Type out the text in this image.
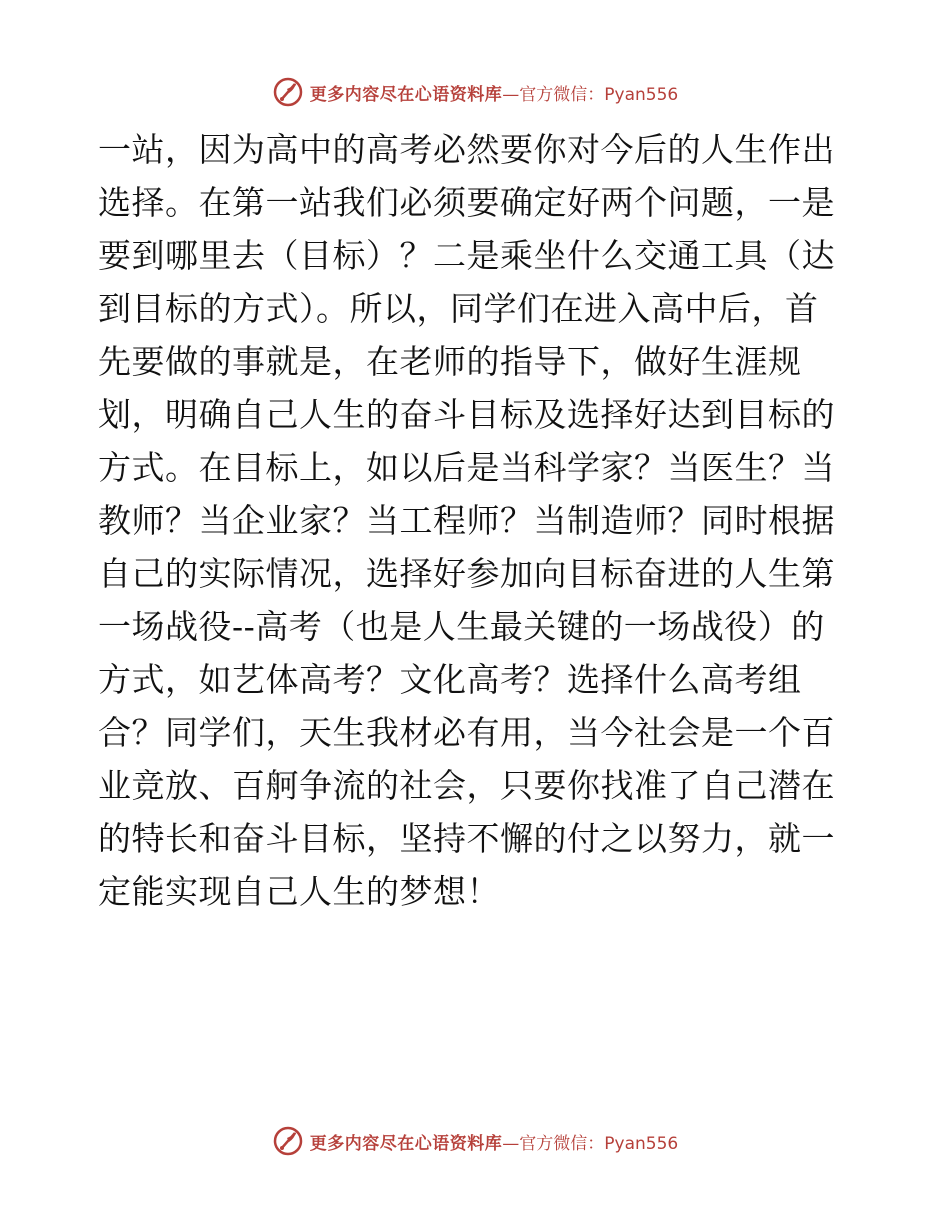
更多内容尽在心语资料库 —官方微信：Pyan556
一站，因为高中的高考必然要你对今后的人生作出
选择。在第一站我们必须要确定好两个问题，一是
要到哪里去（目标）？二是乘坐什么交通工具（达
到目标的方式）。所以，同学们在进入高中后，首
先要做的事就是，在老师的指导下，做好生涯规
划，明确自己人生的奋斗目标及选择好达到目标的
方式。在目标上，如以后是当科学家？当医生？当
教师？当企业家？当工程师？当制造师？同时根据
自己的实际情况，选择好参加向目标奋进的人生第
一场战役--高考（也是人生最关键的一场战役）的
方式，如艺体高考？文化高考？选择什么高考组
合？同学们，天生我材必有用，当今社会是一个百
业竞放、百舸争流的社会，只要你找准了自己潜在
的特长和奋斗目标，坚持不懈的付之以努力，就一
定能实现自己人生的梦想！
更多内容尽在心语资料库 —官方微信：Pyan556
